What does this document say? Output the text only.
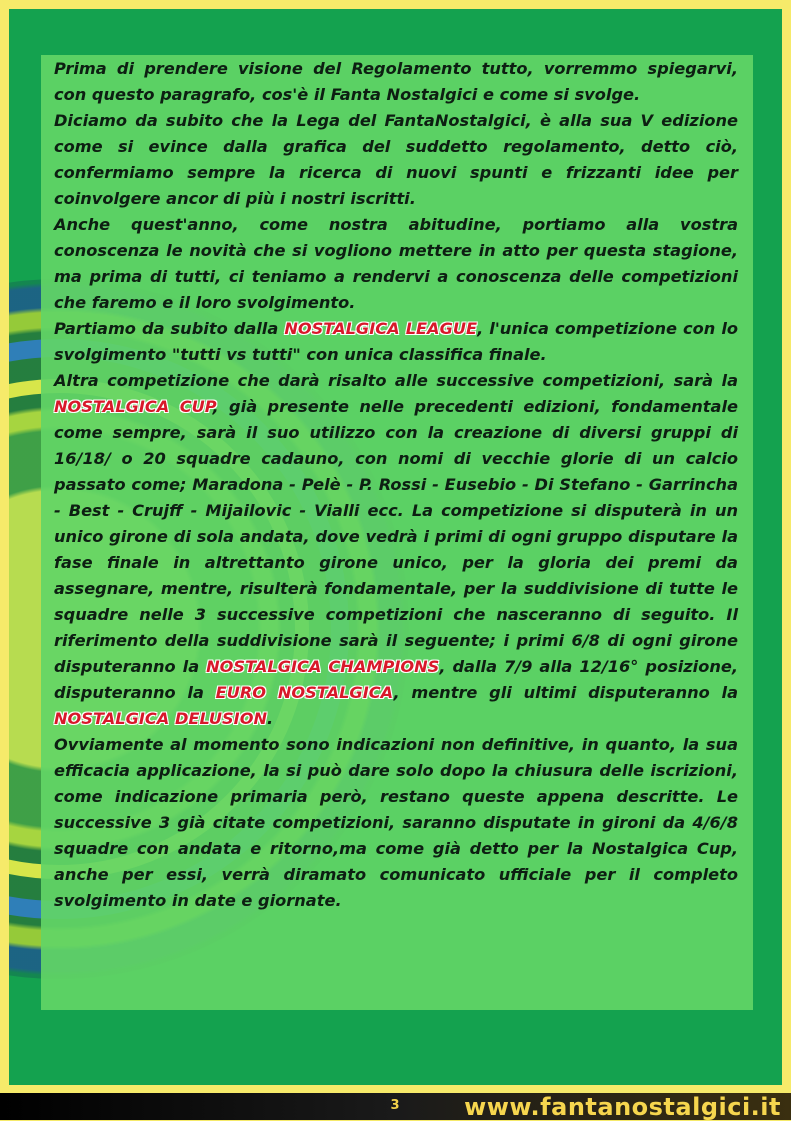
Prima di prendere visione del Regolamento tutto, vorremmo spiegarvi, con questo paragrafo, cos'è il Fanta Nostalgici e come si svolge.

Diciamo da subito che la Lega del FantaNostalgici, è alla sua V edizione come si evince dalla grafica del suddetto regolamento, detto ciò, confermiamo sempre la ricerca di nuovi spunti e frizzanti idee per coinvolgere ancor di più i nostri iscritti.

Anche quest'anno, come nostra abitudine, portiamo alla vostra conoscenza le novità che si vogliono mettere in atto per questa stagione, ma prima di tutti, ci teniamo a rendervi a conoscenza delle competizioni che faremo e il loro svolgimento.

Partiamo da subito dalla NOSTALGICA LEAGUE, l'unica competizione con lo svolgimento "tutti vs tutti" con unica classifica finale.

Altra competizione che darà risalto alle successive competizioni, sarà la NOSTALGICA CUP, già presente nelle precedenti edizioni, fondamentale come sempre, sarà il suo utilizzo con la creazione di diversi gruppi di 16/18/ o 20 squadre cadauno, con nomi di vecchie glorie di un calcio passato come; Maradona - Pelè - P. Rossi - Eusebio - Di Stefano - Garrincha - Best - Crujff - Mijailovic - Vialli ecc. La competizione si disputerà in un unico girone di sola andata, dove vedrà i primi di ogni gruppo disputare la fase finale in altrettanto girone unico, per la gloria dei premi da assegnare, mentre, risulterà fondamentale, per la suddivisione di tutte le squadre nelle 3 successive competizioni che nasceranno di seguito. Il riferimento della suddivisione sarà il seguente; i primi 6/8 di ogni girone disputeranno la NOSTALGICA CHAMPIONS, dalla 7/9 alla 12/16° posizione, disputeranno la EURO NOSTALGICA, mentre gli ultimi disputeranno la NOSTALGICA DELUSION.

Ovviamente al momento sono indicazioni non definitive, in quanto, la sua efficacia applicazione, la si può dare solo dopo la chiusura delle iscrizioni, come indicazione primaria però, restano queste appena descritte. Le successive 3 già citate competizioni, saranno disputate in gironi da 4/6/8 squadre con andata e ritorno,ma come già detto per la Nostalgica Cup, anche per essi, verrà diramato comunicato ufficiale per il completo svolgimento in date e giornate.

3	www.fantanostalgici.it
